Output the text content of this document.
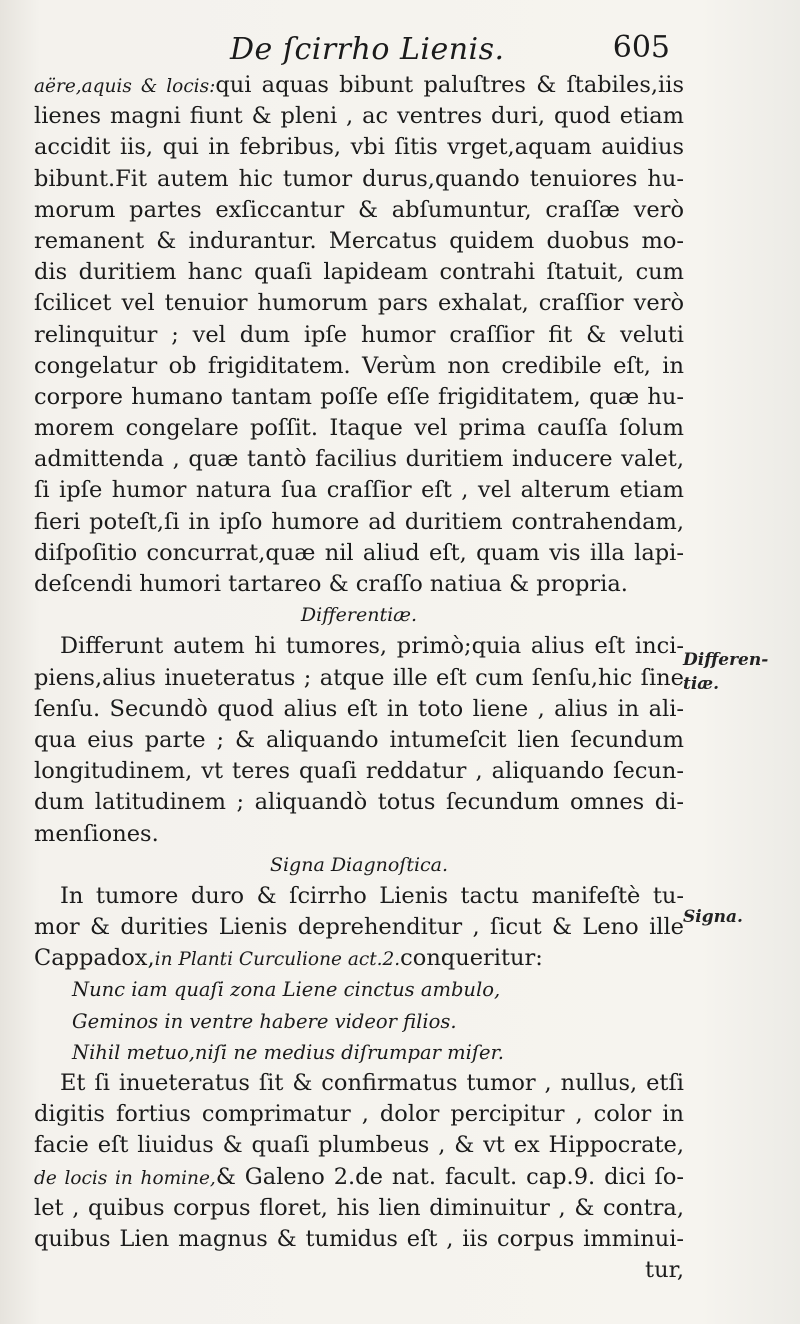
De ſcirrho Lienis.	605
aëre,aquis & locis:qui aquas bibunt paluſtres & ſtabiles,iis
lienes magni fiunt & pleni , ac ventres duri, quod etiam
accidit iis, qui in febribus, vbi ſitis vrget,aquam auidius
bibunt.Fit autem hic tumor durus,quando tenuiores hu-
morum partes exſiccantur & abſumuntur, craſſæ verò
remanent & indurantur. Mercatus quidem duobus mo-
dis duritiem hanc quaſi lapideam contrahi ſtatuit, cum
ſcilicet vel tenuior humorum pars exhalat, craſſior verò
relinquitur ; vel dum ipſe humor craſſior fit & veluti
congelatur ob frigiditatem. Verùm non credibile eſt, in
corpore humano tantam poſſe eſſe frigiditatem, quæ hu-
morem congelare poſſit. Itaque vel prima cauſſa ſolum
admittenda , quæ tantò facilius duritiem inducere valet,
ſi ipſe humor natura ſua craſſior eſt , vel alterum etiam
fieri poteſt,ſi in ipſo humore ad duritiem contrahendam,
diſpoſitio concurrat,quæ nil aliud eſt, quam vis illa lapi-
deſcendi humori tartareo & craſſo natiua & propria.
Differentiæ.
Differunt autem hi tumores, primò;quia alius eſt inci-
piens,alius inueteratus ; atque ille eſt cum ſenſu,hic ſine
ſenſu. Secundò quod alius eſt in toto liene , alius in ali-
qua eius parte ; & aliquando intumeſcit lien ſecundum
longitudinem, vt teres quaſi reddatur , aliquando ſecun-
dum latitudinem ; aliquandò totus ſecundum omnes di-
menſiones.
Signa Diagnoſtica.
In tumore duro & ſcirrho Lienis tactu manifeſtè tu-
mor & durities Lienis deprehenditur , ſicut & Leno ille
Cappadox,in Planti Curculione act.2.conqueritur:
Nunc iam quaſi zona Liene cinctus ambulo,
Geminos in ventre habere videor filios.
Nihil metuo,niſi ne medius diſrumpar miſer.
Et ſi inueteratus ſit & confirmatus tumor , nullus, etſi
digitis fortius comprimatur , dolor percipitur , color in
facie eſt liuidus & quaſi plumbeus , & vt ex Hippocrate,
de locis in homine,& Galeno 2.de nat. facult. cap.9. dici ſo-
let , quibus corpus floret, his lien diminuitur , & contra,
quibus Lien magnus & tumidus eſt , iis corpus imminui-
tur,
Differen- tiæ.
Signa.
